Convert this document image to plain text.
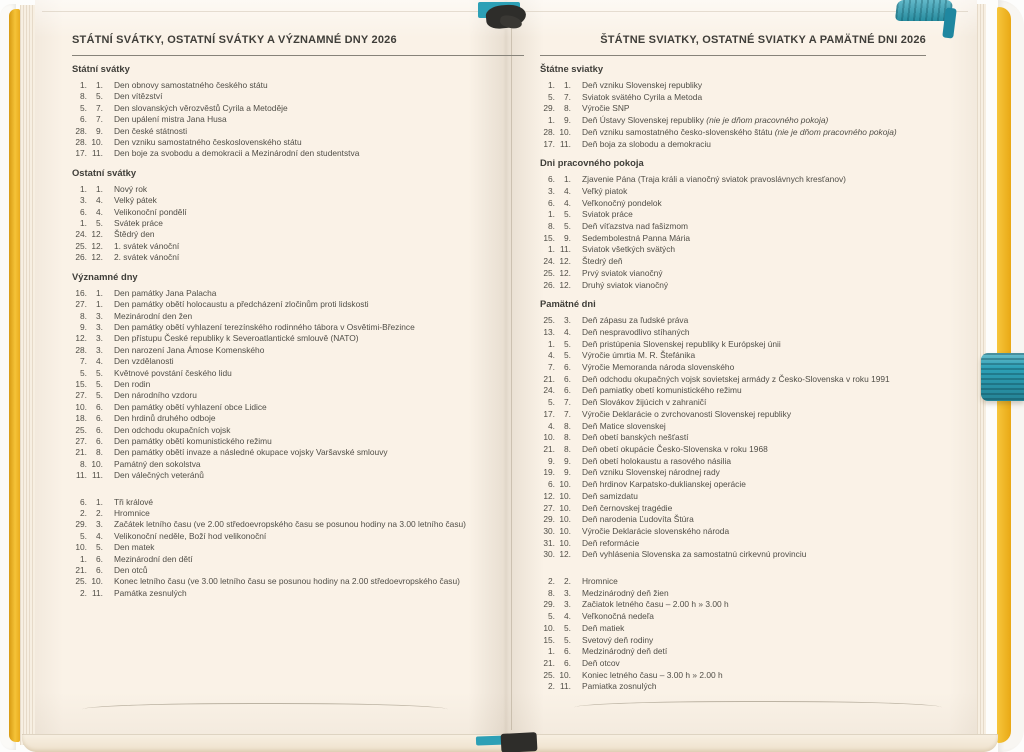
STÁTNÍ SVÁTKY, OSTATNÍ SVÁTKY A VÝZNAMNÉ DNY 2026
Státní svátky
1.	1. Den obnovy samostatného českého státu
8.	5. Den vítězství
5.	7. Den slovanských věrozvěstů Cyrila a Metoděje
6.	7. Den upálení mistra Jana Husa
28.	9. Den české státnosti
28. 10. Den vzniku samostatného československého státu
17. 11. Den boje za svobodu a demokracii a Mezinárodní den studentstva
Ostatní svátky
1.	1. Nový rok
3.	4. Velký pátek
6.	4. Velikonoční pondělí
1.	5. Svátek práce
24. 12. Štědrý den
25. 12. 1. svátek vánoční
26. 12. 2. svátek vánoční
Významné dny
16.	1. Den památky Jana Palacha
27.	1. Den památky obětí holocaustu a předcházení zločinům proti lidskosti
8.	3. Mezinárodní den žen
9.	3. Den památky obětí vyhlazení terezínského rodinného tábora v Osvětimi-Březince
12.	3. Den přístupu České republiky k Severoatlantické smlouvě (NATO)
28.	3. Den narození Jana Ámose Komenského
7.	4. Den vzdělanosti
5.	5. Květnové povstání českého lidu
15.	5. Den rodin
27.	5. Den národního vzdoru
10.	6. Den památky obětí vyhlazení obce Lidice
18.	6. Den hrdinů druhého odboje
25.	6. Den odchodu okupačních vojsk
27.	6. Den památky obětí komunistického režimu
21.	8. Den památky obětí invaze a následné okupace vojsky Varšavské smlouvy
8. 10. Památný den sokolstva
11. 11. Den válečných veteránů
6.	1. Tři králové
2.	2. Hromnice
29.	3. Začátek letního času (ve 2.00 středoevropského času se posunou hodiny na 3.00 letního času)
5.	4. Velikonoční neděle, Boží hod velikonoční
10.	5. Den matek
1.	6. Mezinárodní den dětí
21.	6. Den otců
25. 10. Konec letního času (ve 3.00 letního času se posunou hodiny na 2.00 středoevropského času)
2. 11. Památka zesnulých
ŠTÁTNE SVIATKY, OSTATNÉ SVIATKY A PAMÄTNÉ DNI 2026
Štátne sviatky
1.	1. Deň vzniku Slovenskej republiky
5.	7. Sviatok svätého Cyrila a Metoda
29.	8. Výročie SNP
1.	9. Deň Ústavy Slovenskej republiky (nie je dňom pracovného pokoja)
28. 10. Deň vzniku samostatného česko-slovenského štátu (nie je dňom pracovného pokoja)
17. 11. Deň boja za slobodu a demokraciu
Dni pracovného pokoja
6.	1. Zjavenie Pána (Traja králi a vianočný sviatok pravoslávnych kresťanov)
3.	4. Veľký piatok
6.	4. Veľkonočný pondelok
1.	5. Sviatok práce
8.	5. Deň víťazstva nad fašizmom
15.	9. Sedembolestná Panna Mária
1. 11. Sviatok všetkých svätých
24. 12. Štedrý deň
25. 12. Prvý sviatok vianočný
26. 12. Druhý sviatok vianočný
Pamätné dni
25.	3. Deň zápasu za ľudské práva
13.	4. Deň nespravodlivo stíhaných
1.	5. Deň pristúpenia Slovenskej republiky k Európskej únii
4.	5. Výročie úmrtia M. R. Štefánika
7.	6. Výročie Memoranda národa slovenského
21.	6. Deň odchodu okupačných vojsk sovietskej armády z Česko-Slovenska v roku 1991
24.	6. Deň pamiatky obetí komunistického režimu
5.	7. Deň Slovákov žijúcich v zahraničí
17.	7. Výročie Deklarácie o zvrchovanosti Slovenskej republiky
4.	8. Deň Matice slovenskej
10.	8. Deň obetí banských nešťastí
21.	8. Deň obetí okupácie Česko-Slovenska v roku 1968
9.	9. Deň obetí holokaustu a rasového násilia
19.	9. Deň vzniku Slovenskej národnej rady
6. 10. Deň hrdinov Karpatsko-duklianskej operácie
12. 10. Deň samizdatu
27. 10. Deň černovskej tragédie
29. 10. Deň narodenia Ľudovíta Štúra
30. 10. Výročie Deklarácie slovenského národa
31. 10. Deň reformácie
30. 12. Deň vyhlásenia Slovenska za samostatnú cirkevnú provinciu
2.	2. Hromnice
8.	3. Medzinárodný deň žien
29.	3. Začiatok letného času – 2.00 h » 3.00 h
5.	4. Veľkonočná nedeľa
10.	5. Deň matiek
15.	5. Svetový deň rodiny
1.	6. Medzinárodný deň detí
21.	6. Deň otcov
25. 10. Koniec letného času – 3.00 h » 2.00 h
2. 11. Pamiatka zosnulých
